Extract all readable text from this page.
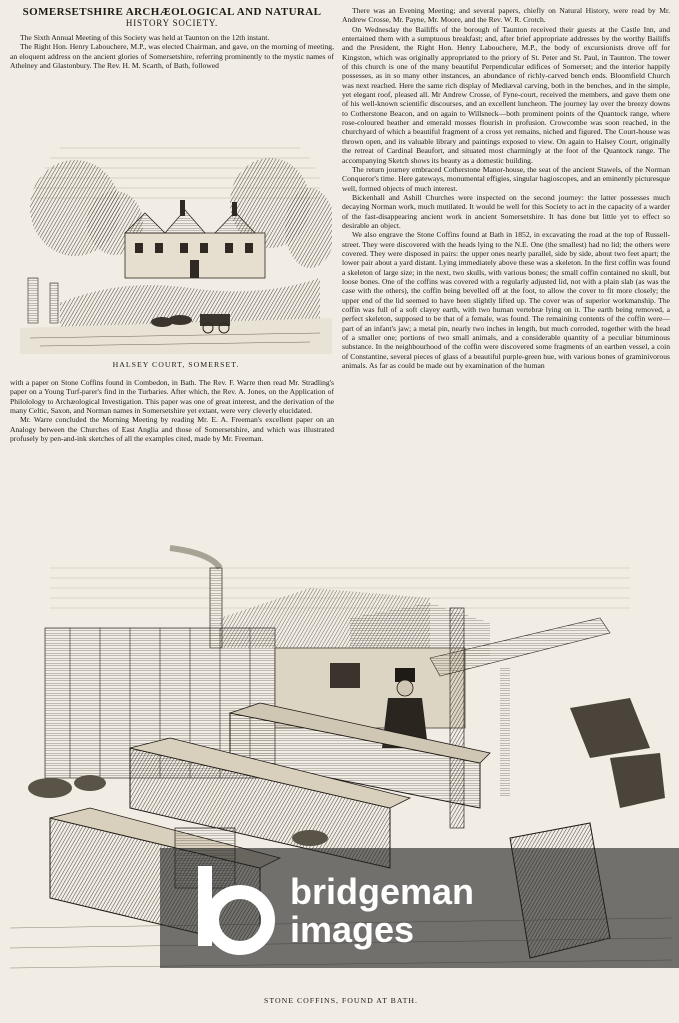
SOMERSETSHIRE ARCHÆOLOGICAL AND NATURAL
HISTORY SOCIETY.

The Sixth Annual Meeting of this Society was held at Taunton on the 12th instant.

The Right Hon. Henry Labouchere, M.P., was elected Chairman, and gave, on the morning of meeting, an eloquent address on the ancient glories of Somersetshire, referring prominently to the mystic names of Athelney and Glastonbury. The Rev. H. M. Scarth, of Bath, followed

HALSEY COURT, SOMERSET.

with a paper on Stone Coffins found in Combedon, in Bath. The Rev. F. Warre then read Mr. Stradling's paper on a Young Turf-parer's find in the Turbaries. After which, the Rev. A. Jones, on the Application of Philolology to Archæological Investigation. This paper was one of great interest, and the derivation of the many Celtic, Saxon, and Norman names in Somersetshire yet extant, were very cleverly elucidated.

Mr. Warre concluded the Morning Meeting by reading Mr. E. A. Freeman's excellent paper on an Analogy between the Churches of East Anglia and those of Somersetshire, and which was illustrated profusely by pen-and-ink sketches of all the examples cited, made by Mr. Freeman.

There was an Evening Meeting; and several papers, chiefly on Natural History, were read by Mr. Andrew Crosse, Mr. Payne, Mr. Moore, and the Rev. W. R. Crotch.

On Wednesday the Bailiffs of the borough of Taunton received their guests at the Castle Inn, and entertained them with a sumptuous breakfast; and, after brief appropriate addresses by the worthy Bailiffs and the President, the Right Hon. Henry Labouchere, M.P., the body of excursionists drove off for Kingston, which was originally appropriated to the priory of St. Peter and St. Paul, in Taunton. The tower of this church is one of the many beautiful Perpendicular edifices of Somerset; and the interior happily possesses, as in so many other instances, an abundance of richly-carved bench ends. Bloomfield Church was next reached. Here the same rich display of Mediæval carving, both in the benches, and in the simple, yet elegant roof, pleased all. Mr Andrew Crosse, of Fyne-court, received the members, and gave them one of his well-known scientific discourses, and an excellent luncheon. The journey lay over the breezy downs to Cotherstone Beacon, and on again to Willsneck—both prominent points of the Quantock range, where rose-coloured heather and emerald mosses flourish in profusion. Crowcombe was soon reached, in the churchyard of which a beautiful fragment of a cross yet remains, niched and figured. The Court-house was thrown open, and its valuable library and paintings exposed to view. On again to Halsey Court, originally the retreat of Cardinal Beaufort, and situated most charmingly at the foot of the Quantock range. The accompanying Sketch shows its beauty as a domestic building.

The return journey embraced Cotherstone Manor-house, the seat of the ancient Stawels, of the Norman Conqueror's time. Here gateways, monumental effigies, singular hagioscopes, and an eminently picturesque well, formed objects of much interest.

Bickenhall and Ashill Churches were inspected on the second journey: the latter possesses much decaying Norman work, much mutilated. It would be well for this Society to act in the capacity of a warder of the fast-disappearing ancient work in ancient Somersetshire. It has done but little yet to effect so desirable an object.

We also engrave the Stone Coffins found at Bath in 1852, in excavating the road at the top of Russell-street. They were discovered with the heads lying to the N.E. One (the smallest) had no lid; the others were covered. They were disposed in pairs: the upper ones nearly parallel, side by side, about two feet apart; the lower pair about a yard distant. Lying immediately above these was a skeleton. In the first coffin was found a skeleton of large size; in the next, two skulls, with various bones; the small coffin contained no skull, but loose bones. One of the coffins was covered with a regularly adjusted lid, not with a plain slab (as was the case with the others), the coffin being bevelled off at the foot, to allow the cover to fit more closely; the upper end of the lid seemed to have been slightly lifted up. The cover was of superior workmanship. The coffin was full of a soft clayey earth, with two human vertebræ lying on it. The earth being removed, a perfect skeleton, supposed to be that of a female, was found. The remaining contents of the coffin were—part of an infant's jaw; a metal pin, nearly two inches in length, but much corroded, together with the head of a smaller one; portions of two small animals, and a considerable quantity of a peculiar bituminous substance. In the neighbourhood of the coffin were discovered some fragments of an earthen vessel, a coin of Constantine, several pieces of glass of a beautiful purple-green hue, with various bones of graminivorous animals. As far as could be made out by examination of the human

STONE COFFINS, FOUND AT BATH.
bridgeman
images
